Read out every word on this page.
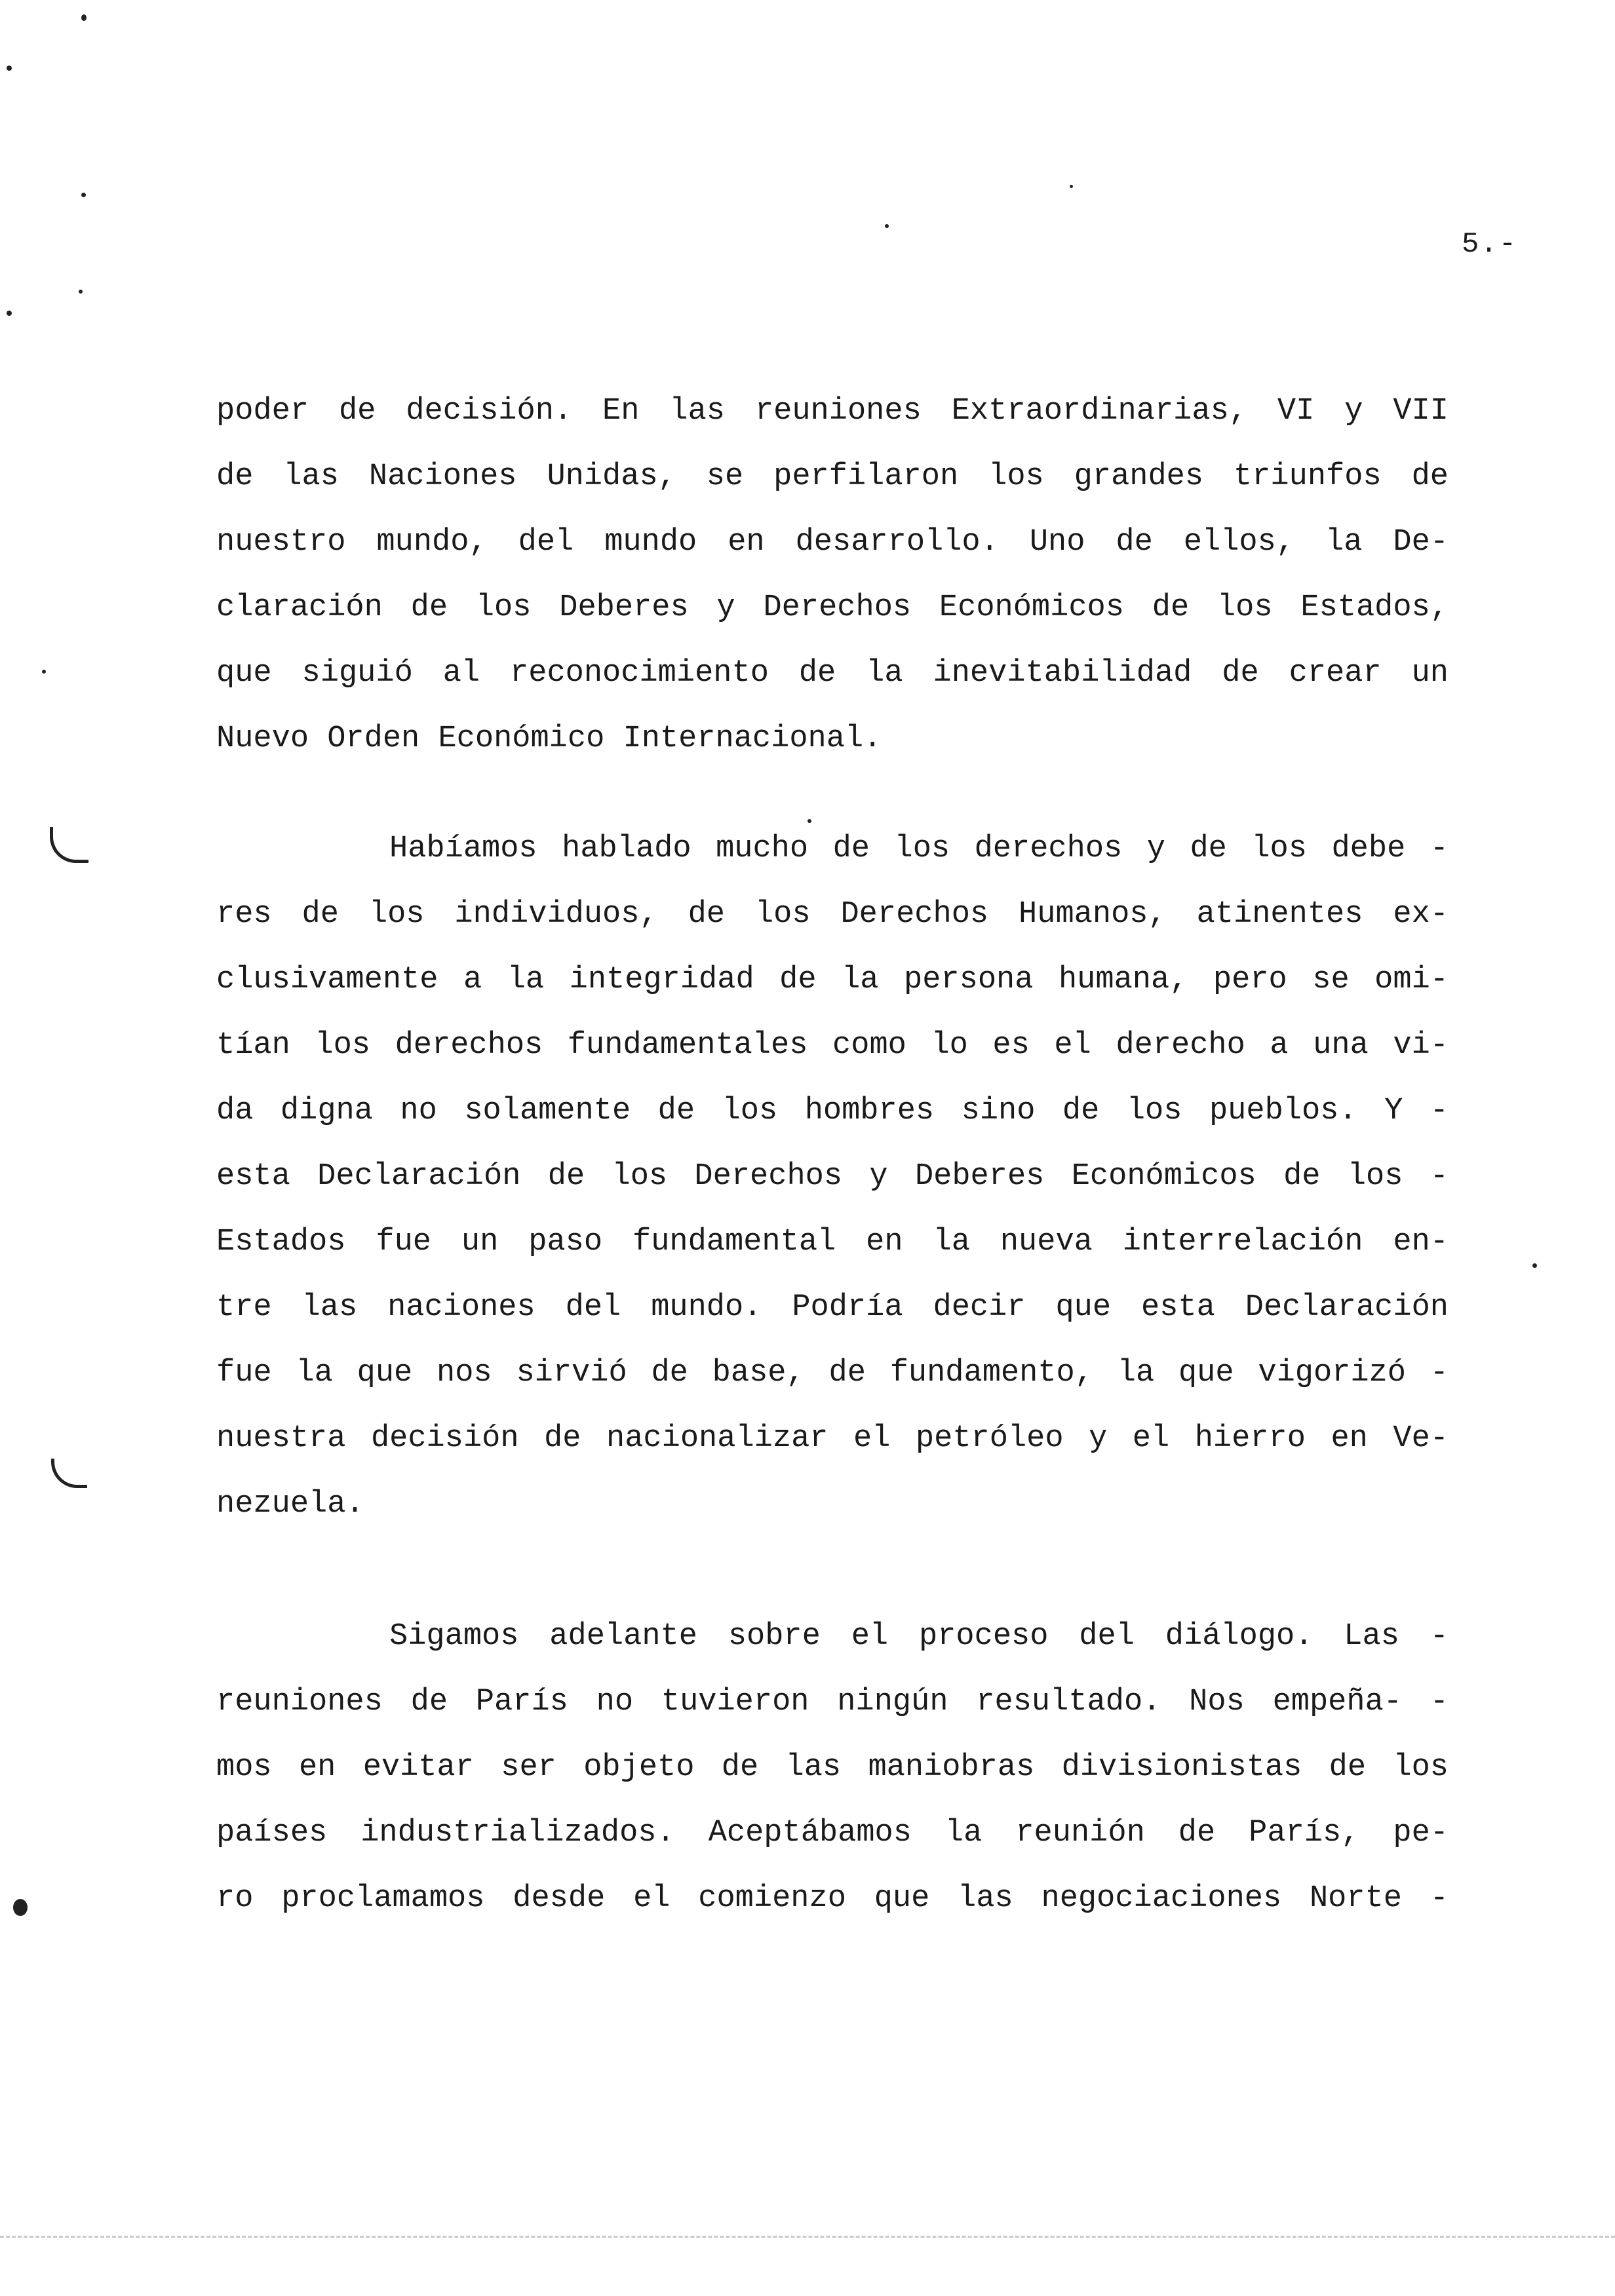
5.-
poder de decisión. En las reuniones Extraordinarias, VI y VII
de las Naciones Unidas, se perfilaron los grandes triunfos de
nuestro mundo, del mundo en desarrollo. Uno de ellos, la De-
claración de los Deberes y Derechos Económicos de los Estados,
que siguió al reconocimiento de la inevitabilidad de crear un
Nuevo Orden Económico Internacional.
Habíamos hablado mucho de los derechos y de los debe -
res de los individuos, de los Derechos Humanos, atinentes ex-
clusivamente a la integridad de la persona humana, pero se omi-
tían los derechos fundamentales como lo es el derecho a una vi-
da digna no solamente de los hombres sino de los pueblos. Y -
esta Declaración de los Derechos y Deberes Económicos de los -
Estados fue un paso fundamental en la nueva interrelación en-
tre las naciones del mundo. Podría decir que esta Declaración
fue la que nos sirvió de base, de fundamento, la que vigorizó -
nuestra decisión de nacionalizar el petróleo y el hierro en Ve-
nezuela.
Sigamos adelante sobre el proceso del diálogo. Las -
reuniones de París no tuvieron ningún resultado. Nos empeña- -
mos en evitar ser objeto de las maniobras divisionistas de los
países industrializados. Aceptábamos la reunión de París, pe-
ro proclamamos desde el comienzo que las negociaciones Norte -
